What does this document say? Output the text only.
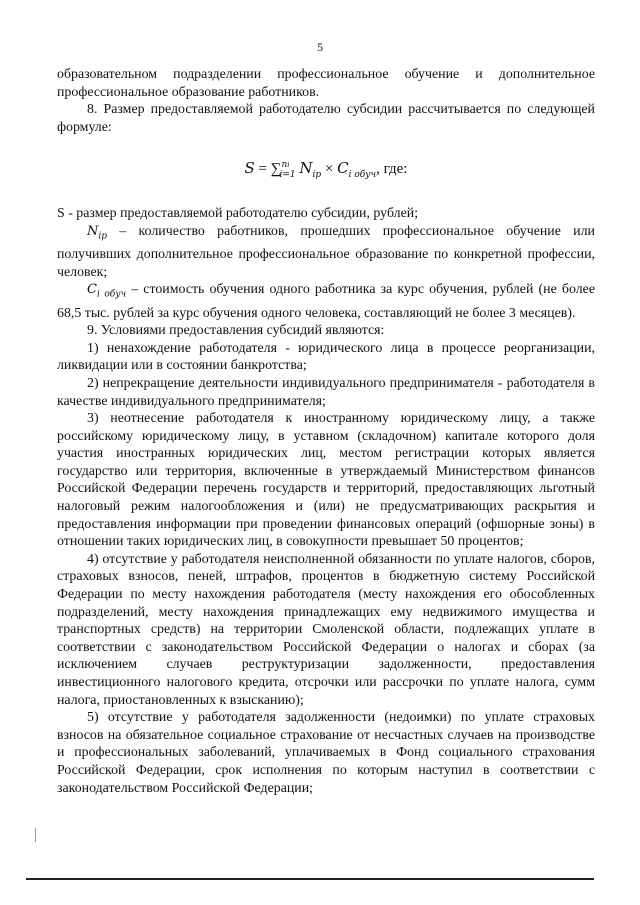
5

образовательном подразделении профессиональное обучение и дополнительное профессиональное образование работников.

8. Размер предоставляемой работодателю субсидии рассчитывается по следующей формуле:

S = ∑$^{ni}_{i=1}$ $N_{ip} \times C_{i обуч}$, где:

S - размер предоставляемой работодателю субсидии, рублей;

$N_{ip}$ – количество работников, прошедших профессиональное обучение или получивших дополнительное профессиональное образование по конкретной профессии, человек;

$C_{i обуч}$ – стоимость обучения одного работника за курс обучения, рублей (не более 68,5 тыс. рублей за курс обучения одного человека, составляющий не более 3 месяцев).

9. Условиями предоставления субсидий являются:

1) ненахождение работодателя - юридического лица в процессе реорганизации, ликвидации или в состоянии банкротства;

2) непрекращение деятельности индивидуального предпринимателя - работодателя в качестве индивидуального предпринимателя;

3) неотнесение работодателя к иностранному юридическому лицу, а также российскому юридическому лицу, в уставном (складочном) капитале которого доля участия иностранных юридических лиц, местом регистрации которых является государство или территория, включенные в утверждаемый Министерством финансов Российской Федерации перечень государств и территорий, предоставляющих льготный налоговый режим налогообложения и (или) не предусматривающих раскрытия и предоставления информации при проведении финансовых операций (офшорные зоны) в отношении таких юридических лиц, в совокупности превышает 50 процентов;

4) отсутствие у работодателя неисполненной обязанности по уплате налогов, сборов, страховых взносов, пеней, штрафов, процентов в бюджетную систему Российской Федерации по месту нахождения работодателя (месту нахождения его обособленных подразделений, месту нахождения принадлежащих ему недвижимого имущества и транспортных средств) на территории Смоленской области, подлежащих уплате в соответствии с законодательством Российской Федерации о налогах и сборах (за исключением случаев реструктуризации задолженности, предоставления инвестиционного налогового кредита, отсрочки или рассрочки по уплате налога, сумм налога, приостановленных к взысканию);

5) отсутствие у работодателя задолженности (недоимки) по уплате страховых взносов на обязательное социальное страхование от несчастных случаев на производстве и профессиональных заболеваний, уплачиваемых в Фонд социального страхования Российской Федерации, срок исполнения по которым наступил в соответствии с законодательством Российской Федерации;
